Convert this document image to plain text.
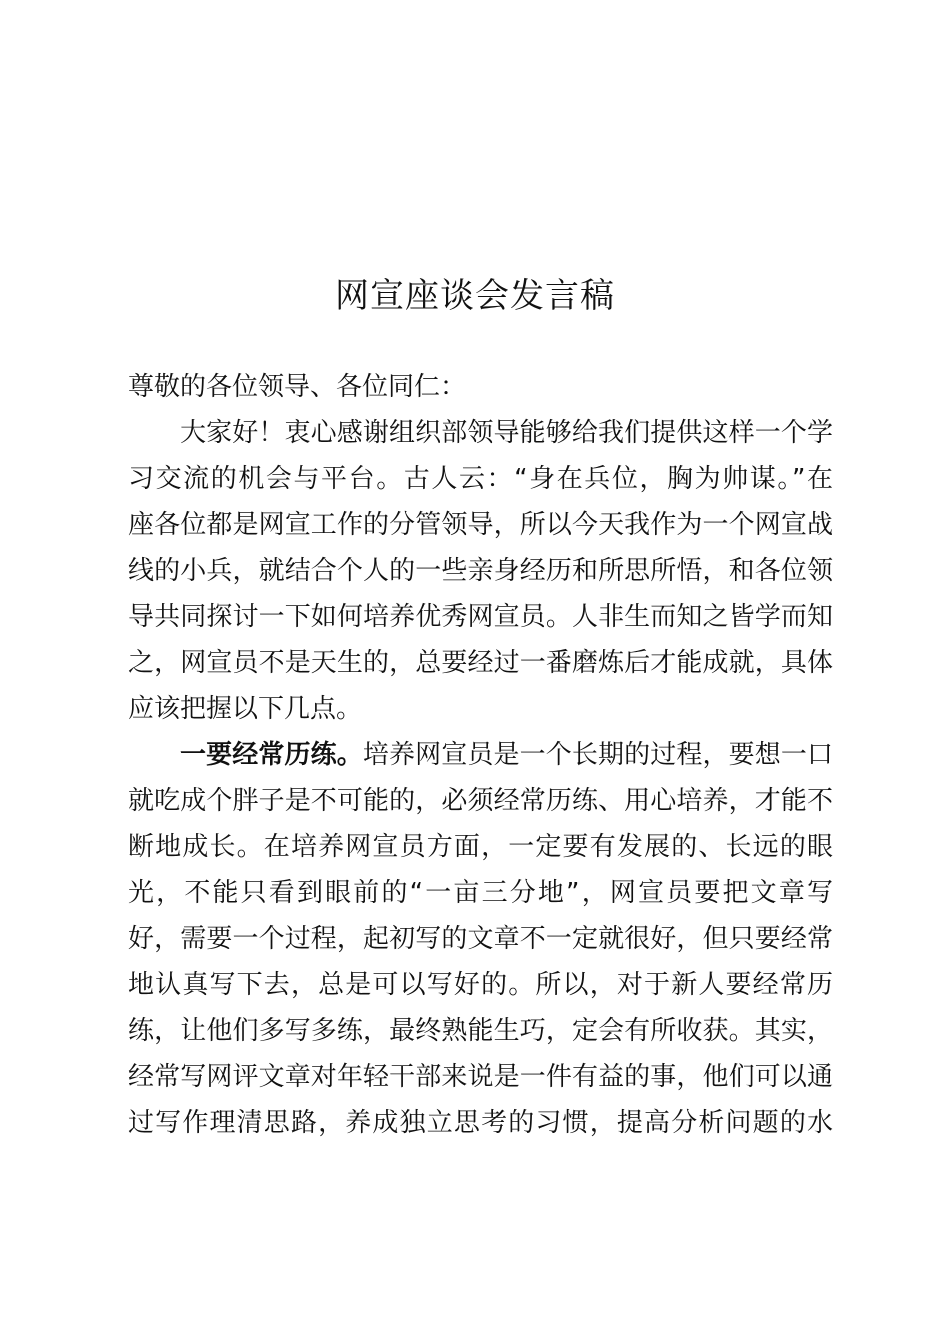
网宣座谈会发言稿
尊敬的各位领导、各位同仁：
大家好！衷心感谢组织部领导能够给我们提供这样一个学
习交流的机会与平台。古人云：“身在兵位，胸为帅谋。”在
座各位都是网宣工作的分管领导，所以今天我作为一个网宣战
线的小兵，就结合个人的一些亲身经历和所思所悟，和各位领
导共同探讨一下如何培养优秀网宣员。人非生而知之皆学而知
之，网宣员不是天生的，总要经过一番磨炼后才能成就，具体
应该把握以下几点。
一要经常历练。培养网宣员是一个长期的过程，要想一口
就吃成个胖子是不可能的，必须经常历练、用心培养，才能不
断地成长。在培养网宣员方面，一定要有发展的、长远的眼
光，不能只看到眼前的“一亩三分地”，网宣员要把文章写
好，需要一个过程，起初写的文章不一定就很好，但只要经常
地认真写下去，总是可以写好的。所以，对于新人要经常历
练，让他们多写多练，最终熟能生巧，定会有所收获。其实，
经常写网评文章对年轻干部来说是一件有益的事，他们可以通
过写作理清思路，养成独立思考的习惯，提高分析问题的水
